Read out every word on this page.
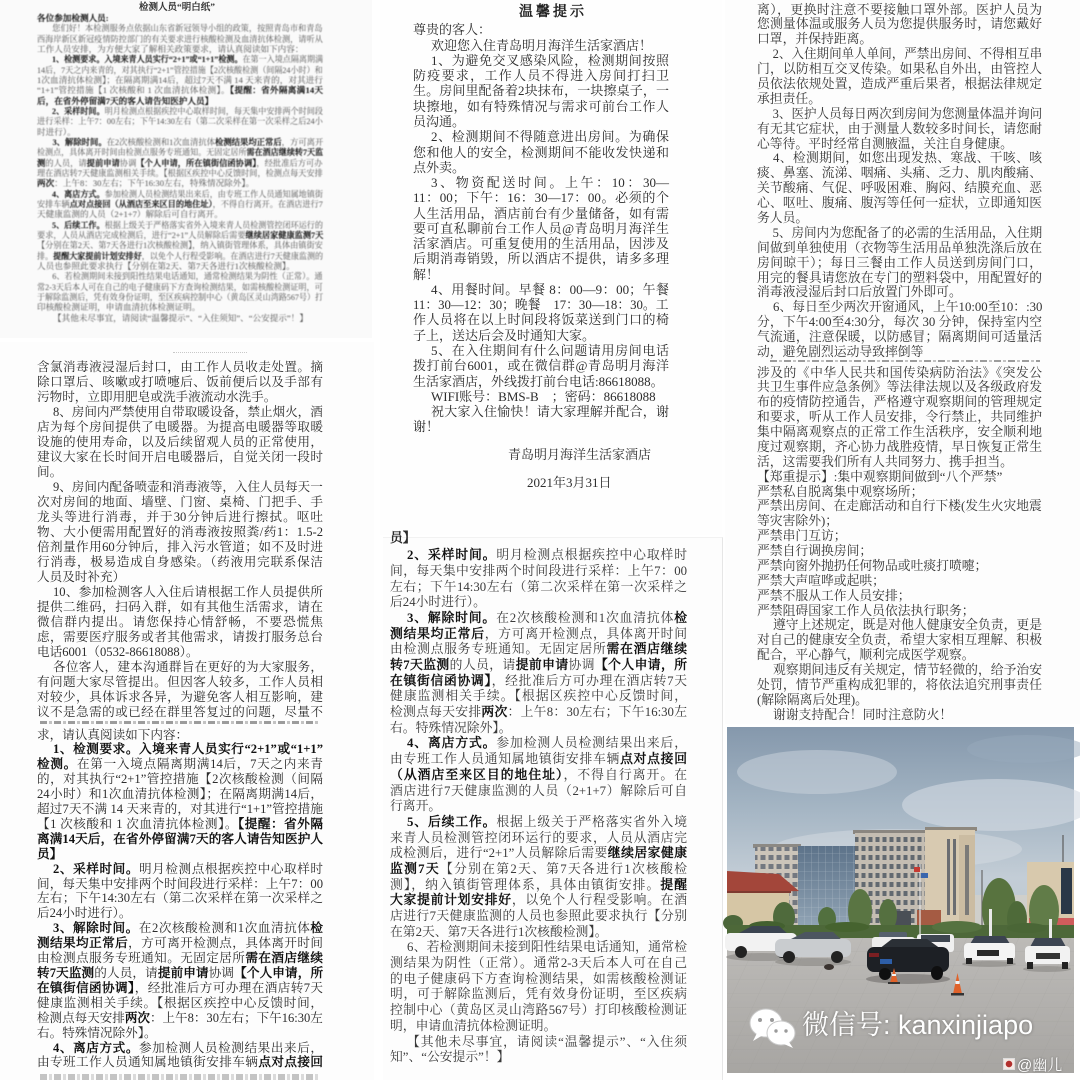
检测人员“明白纸”
各位参加检测人员:
您们好！本检测服务点依据山东省新冠领导小组的政策，按照青岛市和青岛
西海岸新区新冠疫情防控部门的有关要求进行核酸检测及血清抗体检测，请听从
工作人员安排，为方便大家了解相关政策要求，请认真阅读如下内容：
1、检测要求。入境来青人员实行“2+1”或“1+1”检测。在第一入境点隔离期满
14后，7天之内来青的，对其执行“2+1”管控措施【2次核酸检测（间隔24小时）和
1次血清抗体检测】；在隔离期满14后，超过7天不满 14 天来青的，对其进行
“1+1”管控措施【1 次核酸和 1 次血清抗体检测】。【提醒：省外隔离满14天
后，在省外停留满7天的客人请告知医护人员】
2、采样时间。明月检测点根据疾控中心取样时间，每天集中安排两个时间段
进行采样：上午7：00左右；下午14:30左右（第二次采样在第一次采样之后24小
时进行）。
3、解除时间。在2次核酸检测和1次血清抗体检测结果均正常后，方可离开
检测点，具体离开时间由检测点服务专班通知。无固定居所需在酒店继续转7天监
测的人员，请提前申请协调【个人申请，所在镇街信函协调】，经批准后方可办
理在酒店转7天健康监测相关手续。【根据区疾控中心反馈时间，检测点每天安排
两次：上午8：30左右；下午16:30左右，特殊情况除外】。
4、离店方式。参加检测人员检测结果出来后，由专班工作人员通知属地镇街
安排车辆点对点接回（从酒店至来区目的地住址），不得自行离开。在酒店进行7
天健康监测的人员（2+1+7）解除后可自行离开。
5、后续工作。根据上级关于严格落实省外入境来青人员检测管控闭环运行的
要求，人员从酒店完成检测后，进行“2+1”人员解除后需要继续居家健康监测7天
【分别在第2天、第7天各进行1次核酸检测】，纳入镇街管理体系，具体由镇街安
排。提醒大家提前计划安排好，以免个人行程受影响。在酒店进行7天健康监测的
人员也参照此要求执行【分别在第2天、第7天各进行1次核酸检测】。
6、若检测期间未接到阳性结果电话通知，通常检测结果为阴性（正常）。通
常2-3天后本人可在自己的电子健康码下方查询检测结果，如需核酸检测证明，可
于解除监测后，凭有效身份证明，至区疾病控制中心（黄岛区灵山湾路567号）打
印核酸检测证明，申请血清抗体检测证明。
【其他未尽事宜，请阅读“温馨提示”、“入住须知”、“公安提示”！】
含氯消毒液浸湿后封口，由工作人员收走处置。摘
除口罩后、咳嗽或打喷嚏后、饭前便后以及手部有
污物时，立即用肥皂或洗手液流动水洗手。
8、房间内严禁使用自带取暖设备，禁止烟火，酒
店为每个房间提供了电暖器。为提高电暖器等取暖
设施的使用寿命，以及后续留观人员的正常使用，
建议大家在长时间开启电暖器后，自觉关闭一段时
间。
9、房间内配备喷壶和消毒液等，入住人员每天一
次对房间的地面、墙壁、门窗、桌椅、门把手、手
龙头等进行消毒，并于30分钟后进行擦拭。呕吐
物、大小便需用配置好的消毒液按照粪/药1：1.5-2
倍剂量作用60分钟后，排入污水管道；如不及时进
行消毒，极易造成自身感染。（药液用完联系保洁
人员及时补充）
10、参加检测客人入住后请根据工作人员提供所
提供二维码，扫码入群，如有其他生活需求，请在
微信群内提出。请您保持心情舒畅，不要恐慌焦
虑，需要医疗服务或者其他需求，请拨打服务总台
电话6001（0532-86618088）。
各位客人，建本沟通群旨在更好的为大家服务，
有问题大家尽管提出。但因客人较多，工作人员相
对较少，具体诉求各异，为避免客人相互影响，建
议不是急需的或已经在群里答复过的问题，尽量不
求，请认真阅读如下内容：
1、检测要求。入境来青人员实行“2+1”或“1+1”
检测。在第一入境点隔离期满14后，7天之内来青
的，对其执行“2+1”管控措施【2次核酸检测（间隔
24小时）和1次血清抗体检测】；在隔离期满14后，
超过7天不满 14 天来青的，对其进行“1+1”管控措施
【1 次核酸和 1 次血清抗体检测】。【提醒：省外隔
离满14天后，在省外停留满7天的客人请告知医护人
员】
2、采样时间。明月检测点根据疾控中心取样时
间，每天集中安排两个时间段进行采样：上午7：00
左右；下午14:30左右（第二次采样在第一次采样之
后24小时进行）。
3、解除时间。在2次核酸检测和1次血清抗体检
测结果均正常后，方可离开检测点，具体离开时间
由检测点服务专班通知。无固定居所需在酒店继续
转7天监测的人员，请提前申请协调【个人申请，所
在镇街信函协调】，经批准后方可办理在酒店转7天
健康监测相关手续。【根据区疾控中心反馈时间，
检测点每天安排两次：上午8：30左右；下午16:30左
右。特殊情况除外】。
4、离店方式。参加检测人员检测结果出来后，
由专班工作人员通知属地镇街安排车辆点对点接回
温馨提示
尊贵的客人：
欢迎您入住青岛明月海洋生活家酒店！
1、为避免交叉感染风险，检测期间按照
防疫要求，工作人员不得进入房间打扫卫
生。房间里配备着2块抹布，一块擦桌子，一
块擦地，如有特殊情况与需求可前台工作人
员沟通。
2、检测期间不得随意进出房间。为确保
您和他人的安全，检测期间不能收发快递和
点外卖。
3、物资配送时间。上午：10：30—
11：00；下午：16：30—17：00。必须的个
人生活用品，酒店前台有少量储备，如有需
要可直私聊前台工作人员@青岛明月海洋生
活家酒店。可重复使用的生活用品，因涉及
后期消毒销毁，所以酒店不提供，请多多理
解！
4、用餐时间。早餐 8：00—9：00；午餐
11：30—12：30；晚餐　17：30—18：30。工
作人员将在以上时间段将饭菜送到门口的椅
子上，送达后会及时通知大家。
5、在入住期间有什么问题请用房间电话
拨打前台6001，或在微信群@青岛明月海洋
生活家酒店，外线拨打前台电话:86618088。
WIFI账号：BMS-B　；密码：86618088
祝大家入住愉快！请大家理解并配合，谢
谢！
青岛明月海洋生活家酒店
2021年3月31日
员】
2、采样时间。明月检测点根据疾控中心取样时
间，每天集中安排两个时间段进行采样：上午7：00
左右；下午14:30左右（第二次采样在第一次采样之
后24小时进行）。
3、解除时间。在2次核酸检测和1次血清抗体检
测结果均正常后，方可离开检测点，具体离开时间
由检测点服务专班通知。无固定居所需在酒店继续
转7天监测的人员，请提前申请协调【个人申请，所
在镇街信函协调】，经批准后方可办理在酒店转7天
健康监测相关手续。【根据区疾控中心反馈时间，
检测点每天安排两次：上午8：30左右；下午16:30左
右。特殊情况除外】。
4、离店方式。参加检测人员检测结果出来后，
由专班工作人员通知属地镇街安排车辆点对点接回
（从酒店至来区目的地住址），不得自行离开。在
酒店进行7天健康监测的人员（2+1+7）解除后可自
行离开。
5、后续工作。根据上级关于严格落实省外入境
来青人员检测管控闭环运行的要求，人员从酒店完
成检测后，进行“2+1”人员解除后需要继续居家健康
监测7天【分别在第2天、第7天各进行1次核酸检
测】，纳入镇街管理体系，具体由镇街安排。提醒
大家提前计划安排好，以免个人行程受影响。在酒
店进行7天健康监测的人员也参照此要求执行【分别
在第2天、第7天各进行1次核酸检测】。
6、若检测期间未接到阳性结果电话通知，通常检
测结果为阴性（正常）。通常2-3天后本人可在自己
的电子健康码下方查询检测结果，如需核酸检测证
明，可于解除监测后，凭有效身份证明，至区疾病
控制中心（黄岛区灵山湾路567号）打印核酸检测证
明，申请血清抗体检测证明。
【其他未尽事宜，请阅读“温馨提示”、“入住须
知”、“公安提示”！】
离），更换时注意不要接触口罩外部。医护人员为
您测量体温或服务人员为您提供服务时，请您戴好
口罩，并保持距离。
2、入住期间单人单间，严禁出房间、不得相互串
门，以防相互交叉传染。如果私自外出，由管控人
员依法依规处置，造成严重后果者，根据法律规定
承担责任。
3、医护人员每日两次到房间为您测量体温并询问
有无其它症状，由于测量人数较多时间长，请您耐
心等待。平时经常自测腋温，关注自身健康。
4、检测期间，如您出现发热、寒战、干咳、咳
痰、鼻塞、流涕、咽痛、头痛、乏力、肌肉酸痛、
关节酸痛、气促、呼吸困难、胸闷、结膜充血、恶
心、呕吐、腹痛、腹泻等任何一症状，立即通知医
务人员。
5、房间内为您配备了的必需的生活用品，入住期
间做到单独使用（衣物等生活用品单独洗涤后放在
房间晾干）；每日三餐由工作人员送到房间门口，
用完的餐具请您放在专门的塑料袋中，用配置好的
消毒液浸湿后封口后放置门外即可。
6、每日至少两次开窗通风，上午10:00至10：:30
分，下午4:00至4:30分，每次 30 分钟，保持室内空
气流通，注意保暖，以防感冒；隔离期间可适量活
动，避免剧烈运动导致摔倒等
涉及的《中华人民共和国传染病防治法》《突发公
共卫生事件应急条例》等法律法规以及各级政府发
布的疫情防控通告，严格遵守观察期间的管理规定
和要求，听从工作人员安排，令行禁止，共同维护
集中隔离观察点的正常工作生活秩序，安全顺利地
度过观察期，齐心协力战胜疫情，早日恢复正常生
活，这需要我们所有人共同努力、携手担当。
【郑重提示】:集中观察期间做到“八个严禁”
严禁私自脱离集中观察场所；
严禁出房间、在走廊活动和自行下楼(发生火灾地震
等灾害除外)；
严禁串门互访；
严禁自行调换房间；
严禁向窗外抛扔任何物品或吐痰打喷嚏；
严禁大声喧哗或起哄；
严禁不服从工作人员安排；
严禁阻碍国家工作人员依法执行职务；
遵守上述规定，既是对他人健康安全负责，更是
对自己的健康安全负责，希望大家相互理解、积极
配合，平心静气，顺利完成医学观察。
观察期间违反有关规定，情节轻微的，给予治安
处罚，情节严重构成犯罪的，将依法追究刑事责任
(解除隔离后处理)。
谢谢支持配合！同时注意防火！
微信号: kanxinjiapo
@幽儿
